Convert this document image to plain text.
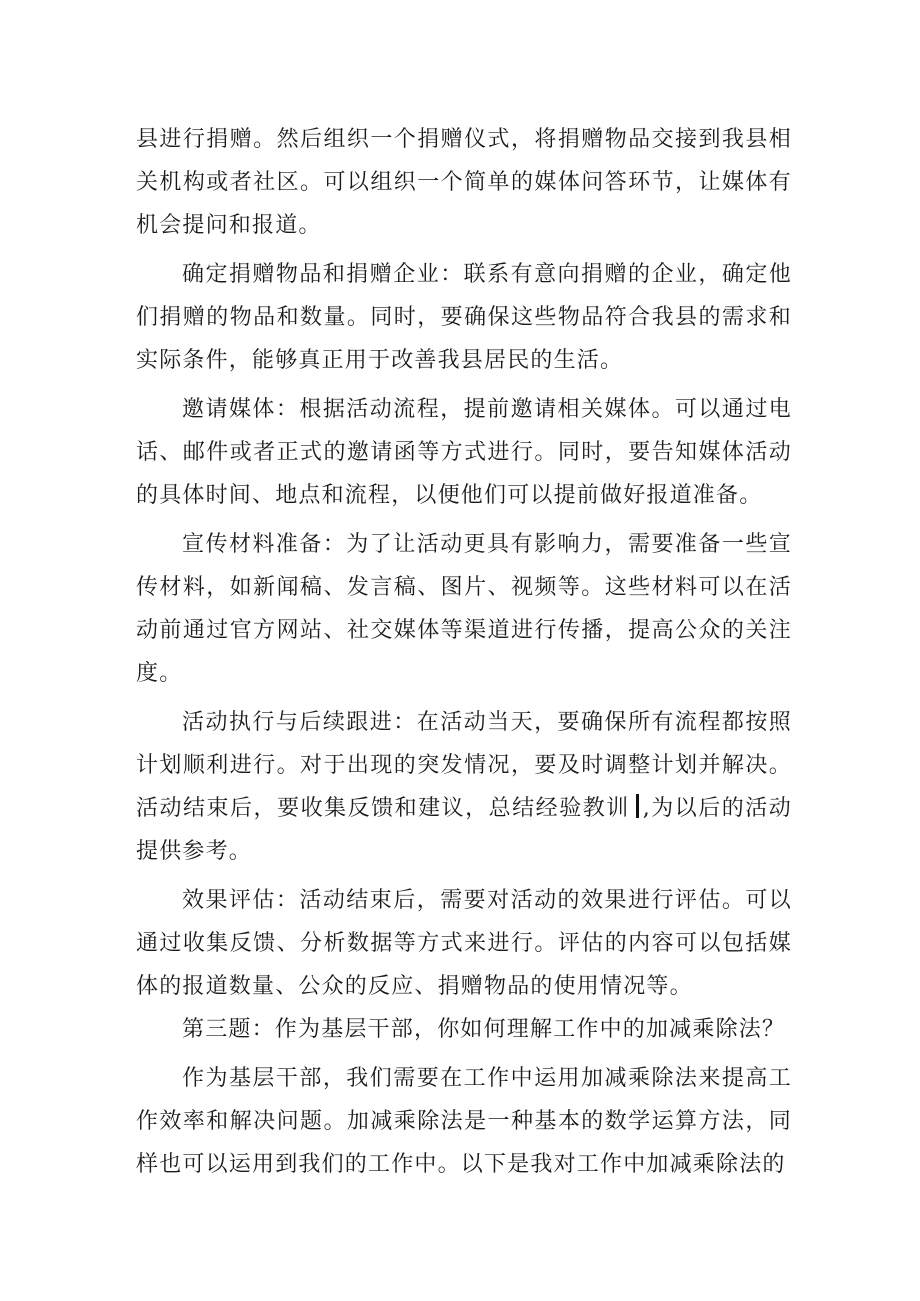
县进行捐赠。然后组织一个捐赠仪式，将捐赠物品交接到我县相关机构或者社区。可以组织一个简单的媒体问答环节，让媒体有机会提问和报道。

确定捐赠物品和捐赠企业：联系有意向捐赠的企业，确定他们捐赠的物品和数量。同时，要确保这些物品符合我县的需求和实际条件，能够真正用于改善我县居民的生活。

邀请媒体：根据活动流程，提前邀请相关媒体。可以通过电话、邮件或者正式的邀请函等方式进行。同时，要告知媒体活动的具体时间、地点和流程，以便他们可以提前做好报道准备。

宣传材料准备：为了让活动更具有影响力，需要准备一些宣传材料，如新闻稿、发言稿、图片、视频等。这些材料可以在活动前通过官方网站、社交媒体等渠道进行传播，提高公众的关注度。

活动执行与后续跟进：在活动当天，要确保所有流程都按照计划顺利进行。对于出现的突发情况，要及时调整计划并解决。活动结束后，要收集反馈和建议，总结经验教训 ,为以后的活动提供参考。

效果评估：活动结束后，需要对活动的效果进行评估。可以通过收集反馈、分析数据等方式来进行。评估的内容可以包括媒体的报道数量、公众的反应、捐赠物品的使用情况等。

第三题：作为基层干部，你如何理解工作中的加减乘除法？

作为基层干部，我们需要在工作中运用加减乘除法来提高工作效率和解决问题。加减乘除法是一种基本的数学运算方法，同样也可以运用到我们的工作中。以下是我对工作中加减乘除法的
